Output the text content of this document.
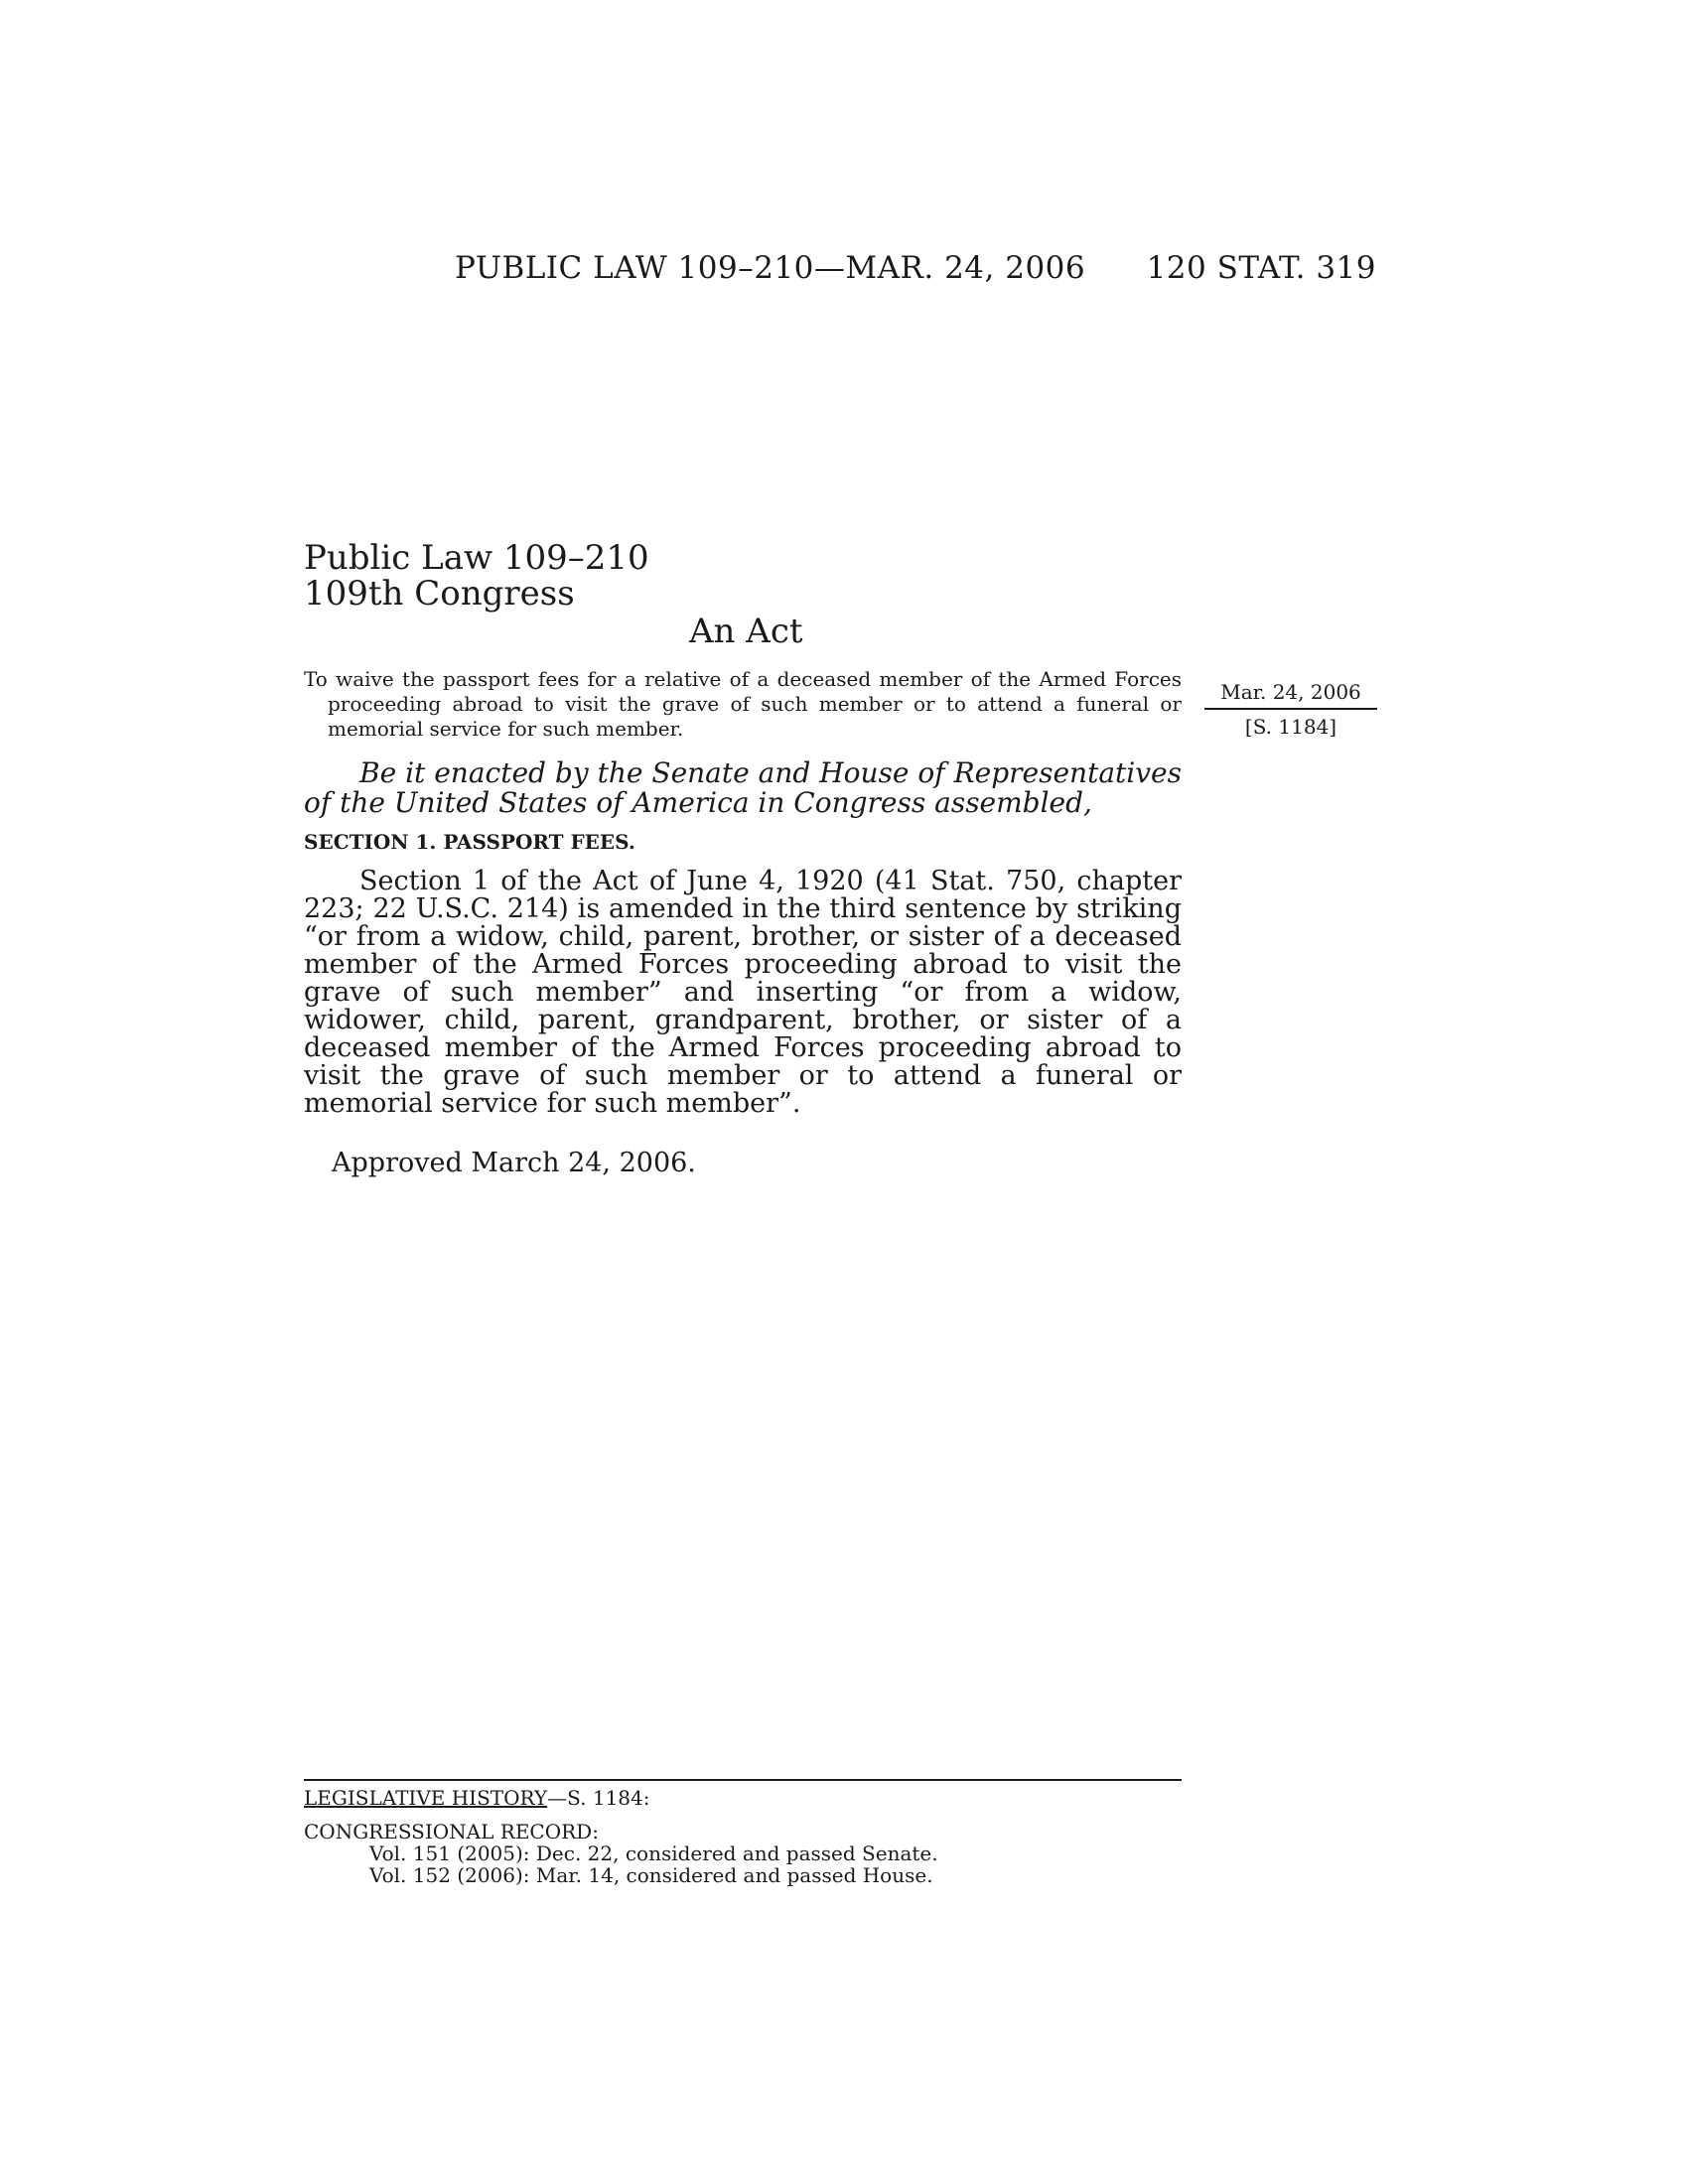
PUBLIC LAW 109–210—MAR. 24, 2006 120 STAT. 319
Public Law 109–210
109th Congress
An Act

To waive the passport fees for a relative of a deceased member of the Armed Forces proceeding abroad to visit the grave of such member or to attend a funeral or memorial service for such member.

Mar. 24, 2006
[S. 1184]

Be it enacted by the Senate and House of Representatives of the United States of America in Congress assembled,

SECTION 1. PASSPORT FEES.

Section 1 of the Act of June 4, 1920 (41 Stat. 750, chapter 223; 22 U.S.C. 214) is amended in the third sentence by striking “or from a widow, child, parent, brother, or sister of a deceased member of the Armed Forces proceeding abroad to visit the grave of such member” and inserting “or from a widow, widower, child, parent, grandparent, brother, or sister of a deceased member of the Armed Forces proceeding abroad to visit the grave of such member or to attend a funeral or memorial service for such member”.

Approved March 24, 2006.
LEGISLATIVE HISTORY—S. 1184:
CONGRESSIONAL RECORD:
Vol. 151 (2005): Dec. 22, considered and passed Senate.
Vol. 152 (2006): Mar. 14, considered and passed House.
